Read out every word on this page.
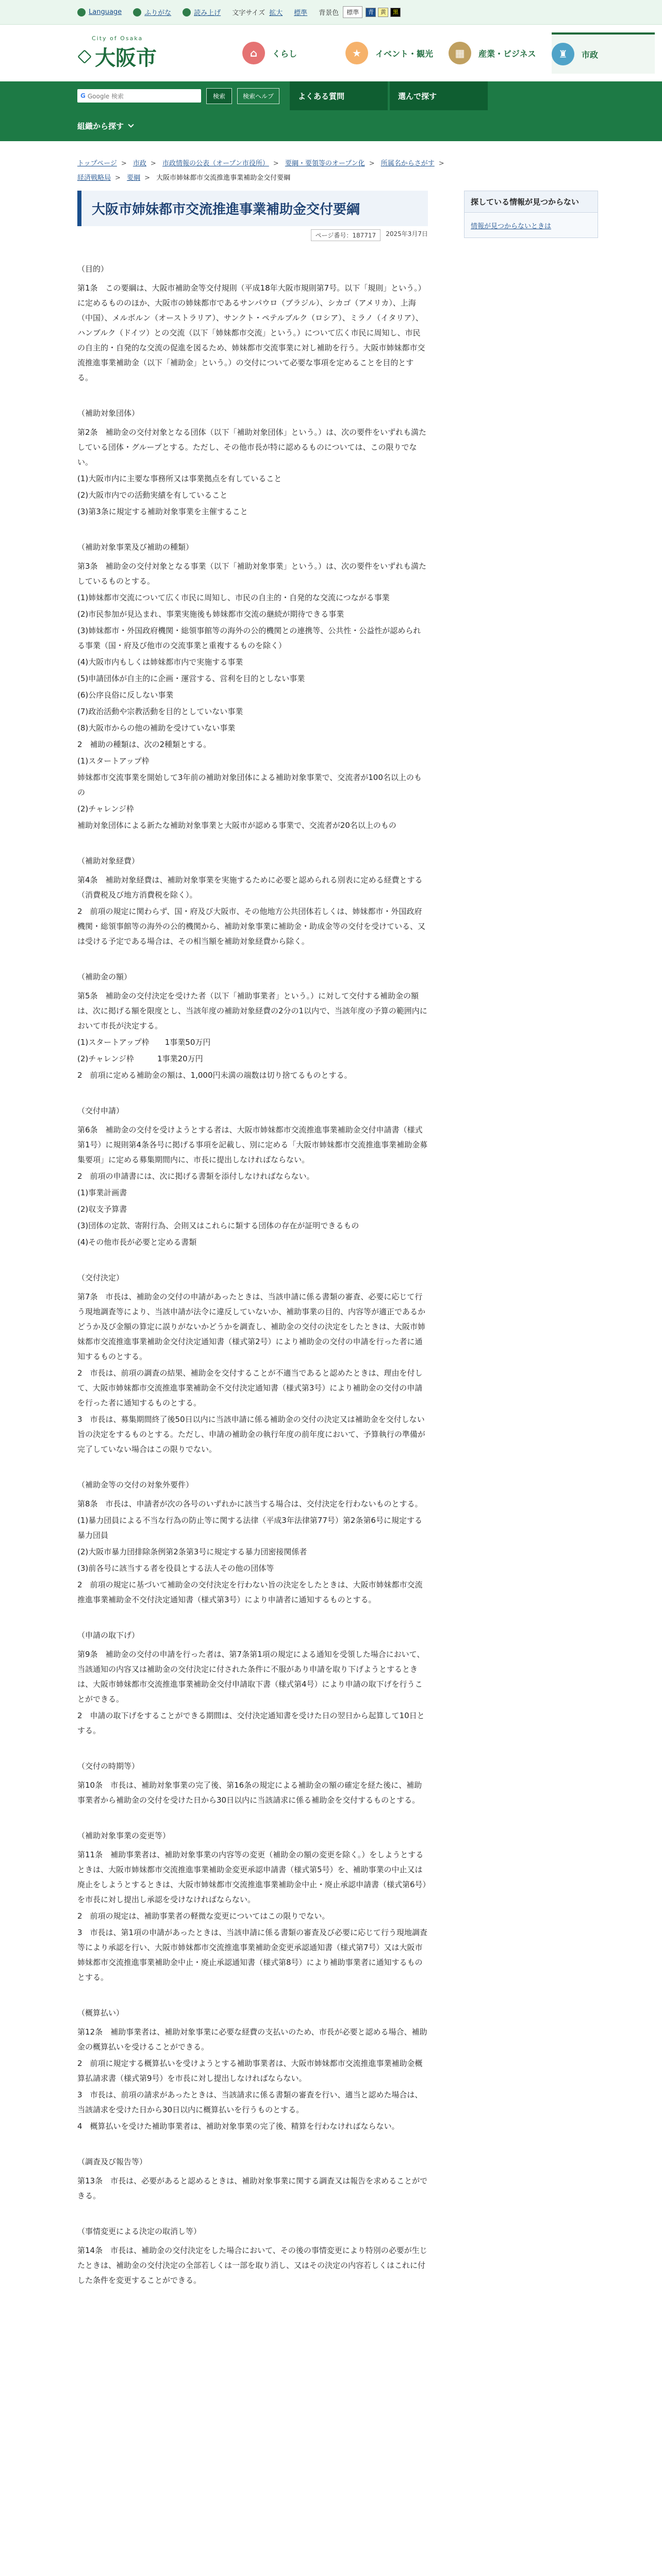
Language	ふりがな	読み上げ 文字サイズ 拡大 標準 背景色	標準	青	黄	黒
City of Osaka
大阪市	⌂	くらし	★	イベント・観光	▦	産業・ビジネス	♜	市政
G Google 検索	検索	検索ヘルプ	よくある質問	選んで探す
組織から探す
トップページ > 市政 > 市政情報の公表（オープン市役所） > 要綱・要領等のオープン化 > 所属名からさがす >
経済戦略局 > 要綱 > 大阪市姉妹都市交流推進事業補助金交付要綱
大阪市姉妹都市交流推進事業補助金交付要綱
ページ番号：187717	2025年3月7日

（目的）

第1条　この要綱は、大阪市補助金等交付規則（平成18年大阪市規則第7号。以下「規則」という。）に定めるもののほか、大阪市の姉妹都市であるサンパウロ（ブラジル）、シカゴ（アメリカ）、上海（中国）、メルボルン（オーストラリア）、サンクト・ペテルブルク（ロシア）、ミラノ（イタリア）、ハンブルク（ドイツ）との交流（以下「姉妹都市交流」という。）について広く市民に周知し、市民の自主的・自発的な交流の促進を図るため、姉妹都市交流事業に対し補助を行う。大阪市姉妹都市交流推進事業補助金（以下「補助金」という。）の交付について必要な事項を定めることを目的とする。

（補助対象団体）

第2条　補助金の交付対象となる団体（以下「補助対象団体」という。）は、次の要件をいずれも満たしている団体・グループとする。ただし、その他市長が特に認めるものについては、この限りでない。

(1)大阪市内に主要な事務所又は事業拠点を有していること

(2)大阪市内での活動実績を有していること

(3)第3条に規定する補助対象事業を主催すること

（補助対象事業及び補助の種類）

第3条　補助金の交付対象となる事業（以下「補助対象事業」という。）は、次の要件をいずれも満たしているものとする。

(1)姉妹都市交流について広く市民に周知し、市民の自主的・自発的な交流につながる事業

(2)市民参加が見込まれ、事業実施後も姉妹都市交流の継続が期待できる事業

(3)姉妹都市・外国政府機関・総領事館等の海外の公的機関との連携等、公共性・公益性が認められる事業（国・府及び他市の交流事業と重複するものを除く）

(4)大阪市内もしくは姉妹都市内で実施する事業

(5)申請団体が自主的に企画・運営する、営利を目的としない事業

(6)公序良俗に反しない事業

(7)政治活動や宗教活動を目的としていない事業

(8)大阪市からの他の補助を受けていない事業

2　補助の種類は、次の2種類とする。

(1)スタートアップ枠

姉妹都市交流事業を開始して3年前の補助対象団体による補助対象事業で、交流者が100名以上のもの

(2)チャレンジ枠

補助対象団体による新たな補助対象事業と大阪市が認める事業で、交流者が20名以上のもの

（補助対象経費）

第4条　補助対象経費は、補助対象事業を実施するために必要と認められる別表に定める経費とする（消費税及び地方消費税を除く）。

2　前項の規定に関わらず、国・府及び大阪市、その他地方公共団体若しくは、姉妹都市・外国政府機関・総領事館等の海外の公的機関から、補助対象事業に補助金・助成金等の交付を受けている、又は受ける予定である場合は、その相当額を補助対象経費から除く。

（補助金の額）

第5条　補助金の交付決定を受けた者（以下「補助事業者」という。）に対して交付する補助金の額は、次に掲げる額を限度とし、当該年度の補助対象経費の2分の1以内で、当該年度の予算の範囲内において市長が決定する。

(1)スタートアップ枠　　1事業50万円

(2)チャレンジ枠　　　1事業20万円

2　前項に定める補助金の額は、1,000円未満の端数は切り捨てるものとする。

（交付申請）

第6条　補助金の交付を受けようとする者は、大阪市姉妹都市交流推進事業補助金交付申請書（様式第1号）に規則第4条各号に掲げる事項を記載し、別に定める「大阪市姉妹都市交流推進事業補助金募集要項」に定める募集期間内に、市長に提出しなければならない。

2　前項の申請書には、次に掲げる書類を添付しなければならない。

(1)事業計画書

(2)収支予算書

(3)団体の定款、寄附行為、会則又はこれらに類する団体の存在が証明できるもの

(4)その他市長が必要と定める書類

（交付決定）

第7条　市長は、補助金の交付の申請があったときは、当該申請に係る書類の審査、必要に応じて行う現地調査等により、当該申請が法令に違反していないか、補助事業の目的、内容等が適正であるかどうか及び金額の算定に誤りがないかどうかを調査し、補助金の交付の決定をしたときは、大阪市姉妹都市交流推進事業補助金交付決定通知書（様式第2号）により補助金の交付の申請を行った者に通知するものとする。

2　市長は、前項の調査の結果、補助金を交付することが不適当であると認めたときは、理由を付して、大阪市姉妹都市交流推進事業補助金不交付決定通知書（様式第3号）により補助金の交付の申請を行った者に通知するものとする。

3　市長は、募集期間終了後50日以内に当該申請に係る補助金の交付の決定又は補助金を交付しない旨の決定をするものとする。ただし、申請の補助金の執行年度の前年度において、予算執行の準備が完了していない場合はこの限りでない。

（補助金等の交付の対象外要件）

第8条　市長は、申請者が次の各号のいずれかに該当する場合は、交付決定を行わないものとする。

(1)暴力団員による不当な行為の防止等に関する法律（平成3年法律第77号）第2条第6号に規定する暴力団員

(2)大阪市暴力団排除条例第2条第3号に規定する暴力団密接関係者

(3)前各号に該当する者を役員とする法人その他の団体等

2　前項の規定に基づいて補助金の交付決定を行わない旨の決定をしたときは、大阪市姉妹都市交流推進事業補助金不交付決定通知書（様式第3号）により申請者に通知するものとする。

（申請の取下げ）

第9条　補助金の交付の申請を行った者は、第7条第1項の規定による通知を受領した場合において、当該通知の内容又は補助金の交付決定に付された条件に不服があり申請を取り下げようとするときは、大阪市姉妹都市交流推進事業補助金交付申請取下書（様式第4号）により申請の取下げを行うことができる。

2　申請の取下げをすることができる期間は、交付決定通知書を受けた日の翌日から起算して10日とする。

（交付の時期等）

第10条　市長は、補助対象事業の完了後、第16条の規定による補助金の額の確定を経た後に、補助事業者から補助金の交付を受けた日から30日以内に当該請求に係る補助金を交付するものとする。

（補助対象事業の変更等）

第11条　補助事業者は、補助対象事業の内容等の変更（補助金の額の変更を除く。）をしようとするときは、大阪市姉妹都市交流推進事業補助金変更承認申請書（様式第5号）を、補助事業の中止又は廃止をしようとするときは、大阪市姉妹都市交流推進事業補助金中止・廃止承認申請書（様式第6号）を市長に対し提出し承認を受けなければならない。

2　前項の規定は、補助事業者の軽微な変更についてはこの限りでない。

3　市長は、第1項の申請があったときは、当該申請に係る書類の審査及び必要に応じて行う現地調査等により承認を行い、大阪市姉妹都市交流推進事業補助金変更承認通知書（様式第7号）又は大阪市姉妹都市交流推進事業補助金中止・廃止承認通知書（様式第8号）により補助事業者に通知するものとする。

（概算払い）

第12条　補助事業者は、補助対象事業に必要な経費の支払いのため、市長が必要と認める場合、補助金の概算払いを受けることができる。

2　前項に規定する概算払いを受けようとする補助事業者は、大阪市姉妹都市交流推進事業補助金概算払請求書（様式第9号）を市長に対し提出しなければならない。

3　市長は、前項の請求があったときは、当該請求に係る書類の審査を行い、適当と認めた場合は、当該請求を受けた日から30日以内に概算払いを行うものとする。

4　概算払いを受けた補助事業者は、補助対象事業の完了後、精算を行わなければならない。

（調査及び報告等）

第13条　市長は、必要があると認めるときは、補助対象事業に関する調査又は報告を求めることができる。

（事情変更による決定の取消し等）

第14条　市長は、補助金の交付決定をした場合において、その後の事情変更により特別の必要が生じたときは、補助金の交付決定の全部若しくは一部を取り消し、又はその決定の内容若しくはこれに付した条件を変更することができる。

探している情報が見つからない
情報が見つからないときは
